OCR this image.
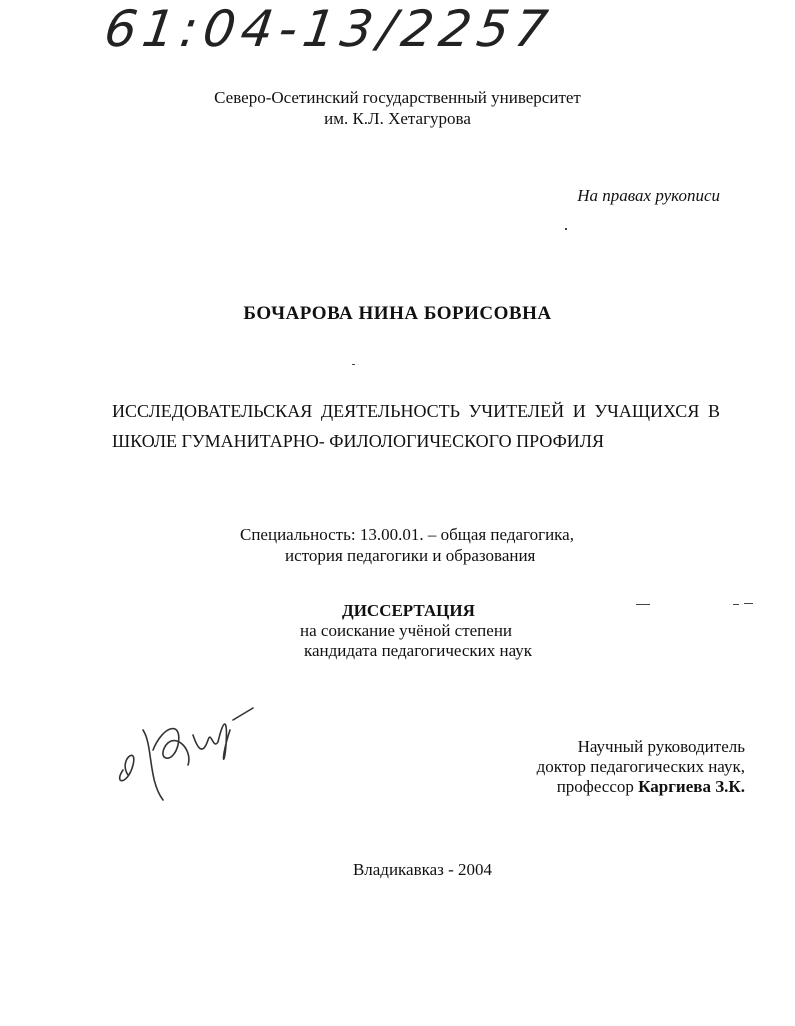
61:04-13/2257
Северо-Осетинский государственный университет
им. К.Л. Хетагурова
На правах рукописи
БОЧАРОВА НИНА БОРИСОВНА
ИССЛЕДОВАТЕЛЬСКАЯ ДЕЯТЕЛЬНОСТЬ УЧИТЕЛЕЙ И УЧАЩИХСЯ В
ШКОЛЕ ГУМАНИТАРНО- ФИЛОЛОГИЧЕСКОГО ПРОФИЛЯ
Специальность: 13.00.01. – общая педагогика,
история педагогики и образования
ДИССЕРТАЦИЯ
на соискание учёной степени
кандидата педагогических наук
Научный руководитель
доктор педагогических наук,
профессор Каргиева З.К.
Владикавказ - 2004
